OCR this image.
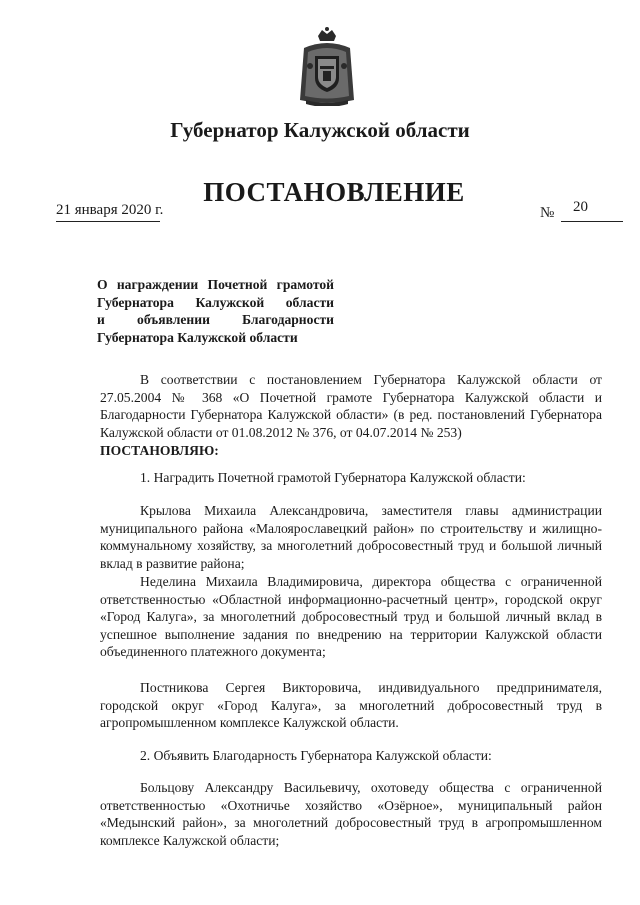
Губернатор Калужской области
ПОСТАНОВЛЕНИЕ
21 января 2020 г.	№ 20
О награждении Почетной грамотой
Губернатора Калужской области
и объявлении Благодарности
Губернатора Калужской области
В соответствии с постановлением Губернатора Калужской области от 27.05.2004 № 368 «О Почетной грамоте Губернатора Калужской области и Благодарности Губернатора Калужской области» (в ред. постановлений Губернатора Калужской области от 01.08.2012 № 376, от 04.07.2014 № 253)
ПОСТАНОВЛЯЮ:
1. Наградить Почетной грамотой Губернатора Калужской области:
Крылова Михаила Александровича, заместителя главы администрации муниципального района «Малоярославецкий район» по строительству и жилищно-коммунальному хозяйству, за многолетний добросовестный труд и большой личный вклад в развитие района;
Неделина Михаила Владимировича, директора общества с ограниченной ответственностью «Областной информационно-расчетный центр», городской округ «Город Калуга», за многолетний добросовестный труд и большой личный вклад в успешное выполнение задания по внедрению на территории Калужской области объединенного платежного документа;
Постникова Сергея Викторовича, индивидуального предпринимателя, городской округ «Город Калуга», за многолетний добросовестный труд в агропромышленном комплексе Калужской области.
2. Объявить Благодарность Губернатора Калужской области:
Больцову Александру Васильевичу, охотоведу общества с ограниченной ответственностью «Охотничье хозяйство «Озёрное», муниципальный район «Медынский район», за многолетний добросовестный труд в агропромышленном комплексе Калужской области;
